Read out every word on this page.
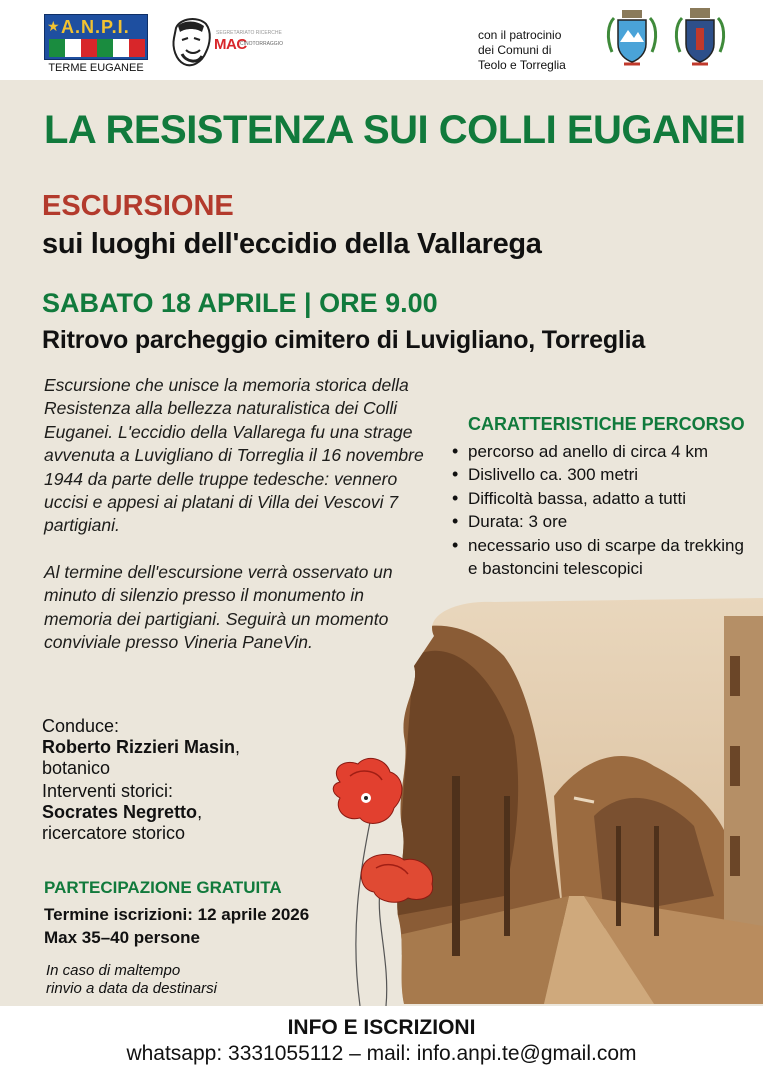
★ A.N.P.I.
TERME EUGANEE
SEGRETARIATO RICERCHE
MAC
CINOTORRAGGIO
con il patrocinio
dei Comuni di
Teolo e Torreglia
LA RESISTENZA SUI COLLI EUGANEI
ESCURSIONE
sui luoghi dell'eccidio della Vallarega
SABATO 18 APRILE | ORE 9.00
Ritrovo parcheggio cimitero di Luvigliano, Torreglia

Escursione che unisce la memoria storica della Resistenza alla bellezza naturalistica dei Colli Euganei. L'eccidio della Vallarega fu una strage avvenuta a Luvigliano di Torreglia il 16 novembre 1944 da parte delle truppe tedesche: vennero uccisi e appesi ai platani di Villa dei Vescovi 7 partigiani.

Al termine dell'escursione verrà osservato un minuto di silenzio presso il monumento in memoria dei partigiani. Seguirà un momento conviviale presso Vineria PaneVin.

CARATTERISTICHE PERCORSO
• percorso ad anello di circa 4 km
• Dislivello ca. 300 metri
• Difficoltà bassa, adatto a tutti
• Durata: 3 ore
• necessario uso di scarpe da trekking e bastoncini telescopici
Conduce:
Roberto Rizzieri Masin,
botanico
Interventi storici:
Socrates Negretto,
ricercatore storico
PARTECIPAZIONE GRATUITA
Termine iscrizioni: 12 aprile 2026
Max 35–40 persone
In caso di maltempo
rinvio a data da destinarsi
INFO E ISCRIZIONI
whatsapp: 3331055112 – mail: info.anpi.te@gmail.com
